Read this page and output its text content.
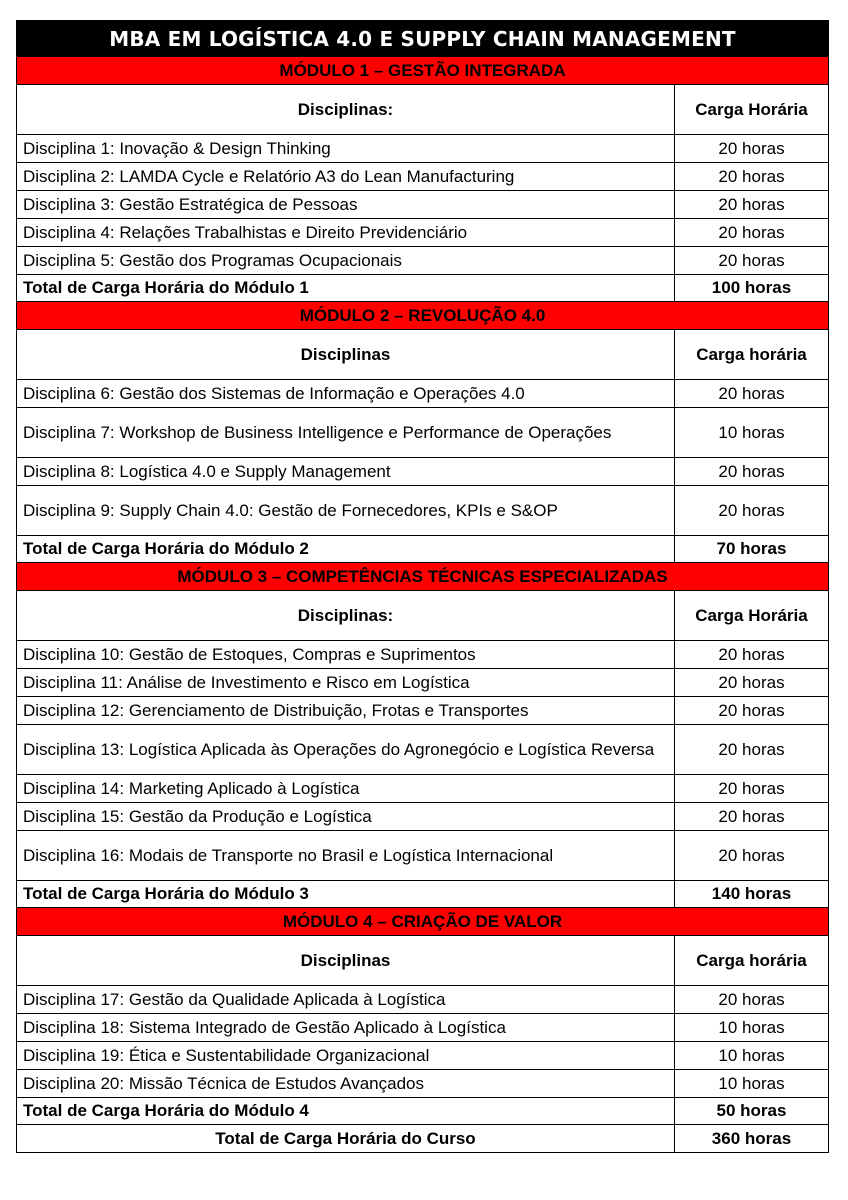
MBA EM LOGÍSTICA 4.0 E SUPPLY CHAIN MANAGEMENT	
MÓDULO 1 – GESTÃO INTEGRADA	
Disciplinas:	Carga Horária
Disciplina 1: Inovação & Design Thinking	20 horas
Disciplina 2: LAMDA Cycle e Relatório A3 do Lean Manufacturing	20 horas
Disciplina 3: Gestão Estratégica de Pessoas	20 horas
Disciplina 4: Relações Trabalhistas e Direito Previdenciário	20 horas
Disciplina 5: Gestão dos Programas Ocupacionais	20 horas
Total de Carga Horária do Módulo 1	100 horas
MÓDULO 2 – REVOLUÇÃO 4.0	
Disciplinas	Carga horária
Disciplina 6: Gestão dos Sistemas de Informação e Operações 4.0	20 horas
Disciplina 7: Workshop de Business Intelligence e Performance de Operações	10 horas
Disciplina 8: Logística 4.0 e Supply Management	20 horas
Disciplina 9: Supply Chain 4.0: Gestão de Fornecedores, KPIs e S&OP	20 horas
Total de Carga Horária do Módulo 2	70 horas
MÓDULO 3 – COMPETÊNCIAS TÉCNICAS ESPECIALIZADAS	
Disciplinas:	Carga Horária
Disciplina 10: Gestão de Estoques, Compras e Suprimentos	20 horas
Disciplina 11: Análise de Investimento e Risco em Logística	20 horas
Disciplina 12: Gerenciamento de Distribuição, Frotas e Transportes	20 horas
Disciplina 13: Logística Aplicada às Operações do Agronegócio e Logística Reversa	20 horas
Disciplina 14: Marketing Aplicado à Logística	20 horas
Disciplina 15: Gestão da Produção e Logística	20 horas
Disciplina 16: Modais de Transporte no Brasil e Logística Internacional	20 horas
Total de Carga Horária do Módulo 3	140 horas
MÓDULO 4 – CRIAÇÃO DE VALOR	
Disciplinas	Carga horária
Disciplina 17: Gestão da Qualidade Aplicada à Logística	20 horas
Disciplina 18: Sistema Integrado de Gestão Aplicado à Logística	10 horas
Disciplina 19: Ética e Sustentabilidade Organizacional	10 horas
Disciplina 20: Missão Técnica de Estudos Avançados	10 horas
Total de Carga Horária do Módulo 4	50 horas
Total de Carga Horária do Curso	360 horas
